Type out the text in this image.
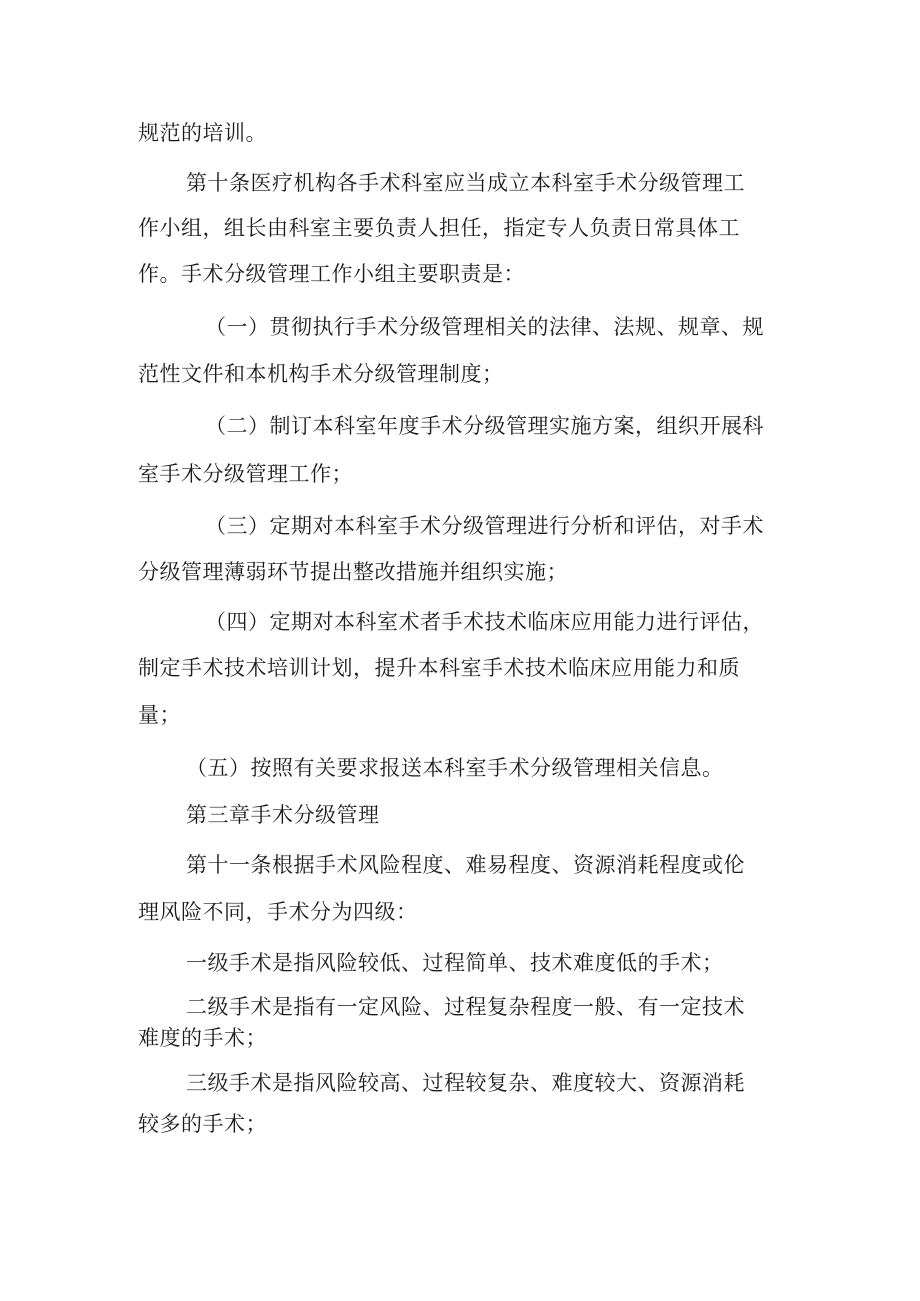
规范的培训。
第十条医疗机构各手术科室应当成立本科室手术分级管理工
作小组，组长由科室主要负责人担任，指定专人负责日常具体工
作。手术分级管理工作小组主要职责是：
（一）贯彻执行手术分级管理相关的法律、法规、规章、规
范性文件和本机构手术分级管理制度；
（二）制订本科室年度手术分级管理实施方案，组织开展科
室手术分级管理工作；
（三）定期对本科室手术分级管理进行分析和评估，对手术
分级管理薄弱环节提出整改措施并组织实施；
（四）定期对本科室术者手术技术临床应用能力进行评估，
制定手术技术培训计划，提升本科室手术技术临床应用能力和质
量；
（五）按照有关要求报送本科室手术分级管理相关信息。
第三章手术分级管理
第十一条根据手术风险程度、难易程度、资源消耗程度或伦
理风险不同，手术分为四级：
一级手术是指风险较低、过程简单、技术难度低的手术；
二级手术是指有一定风险、过程复杂程度一般、有一定技术
难度的手术；
三级手术是指风险较高、过程较复杂、难度较大、资源消耗
较多的手术；
